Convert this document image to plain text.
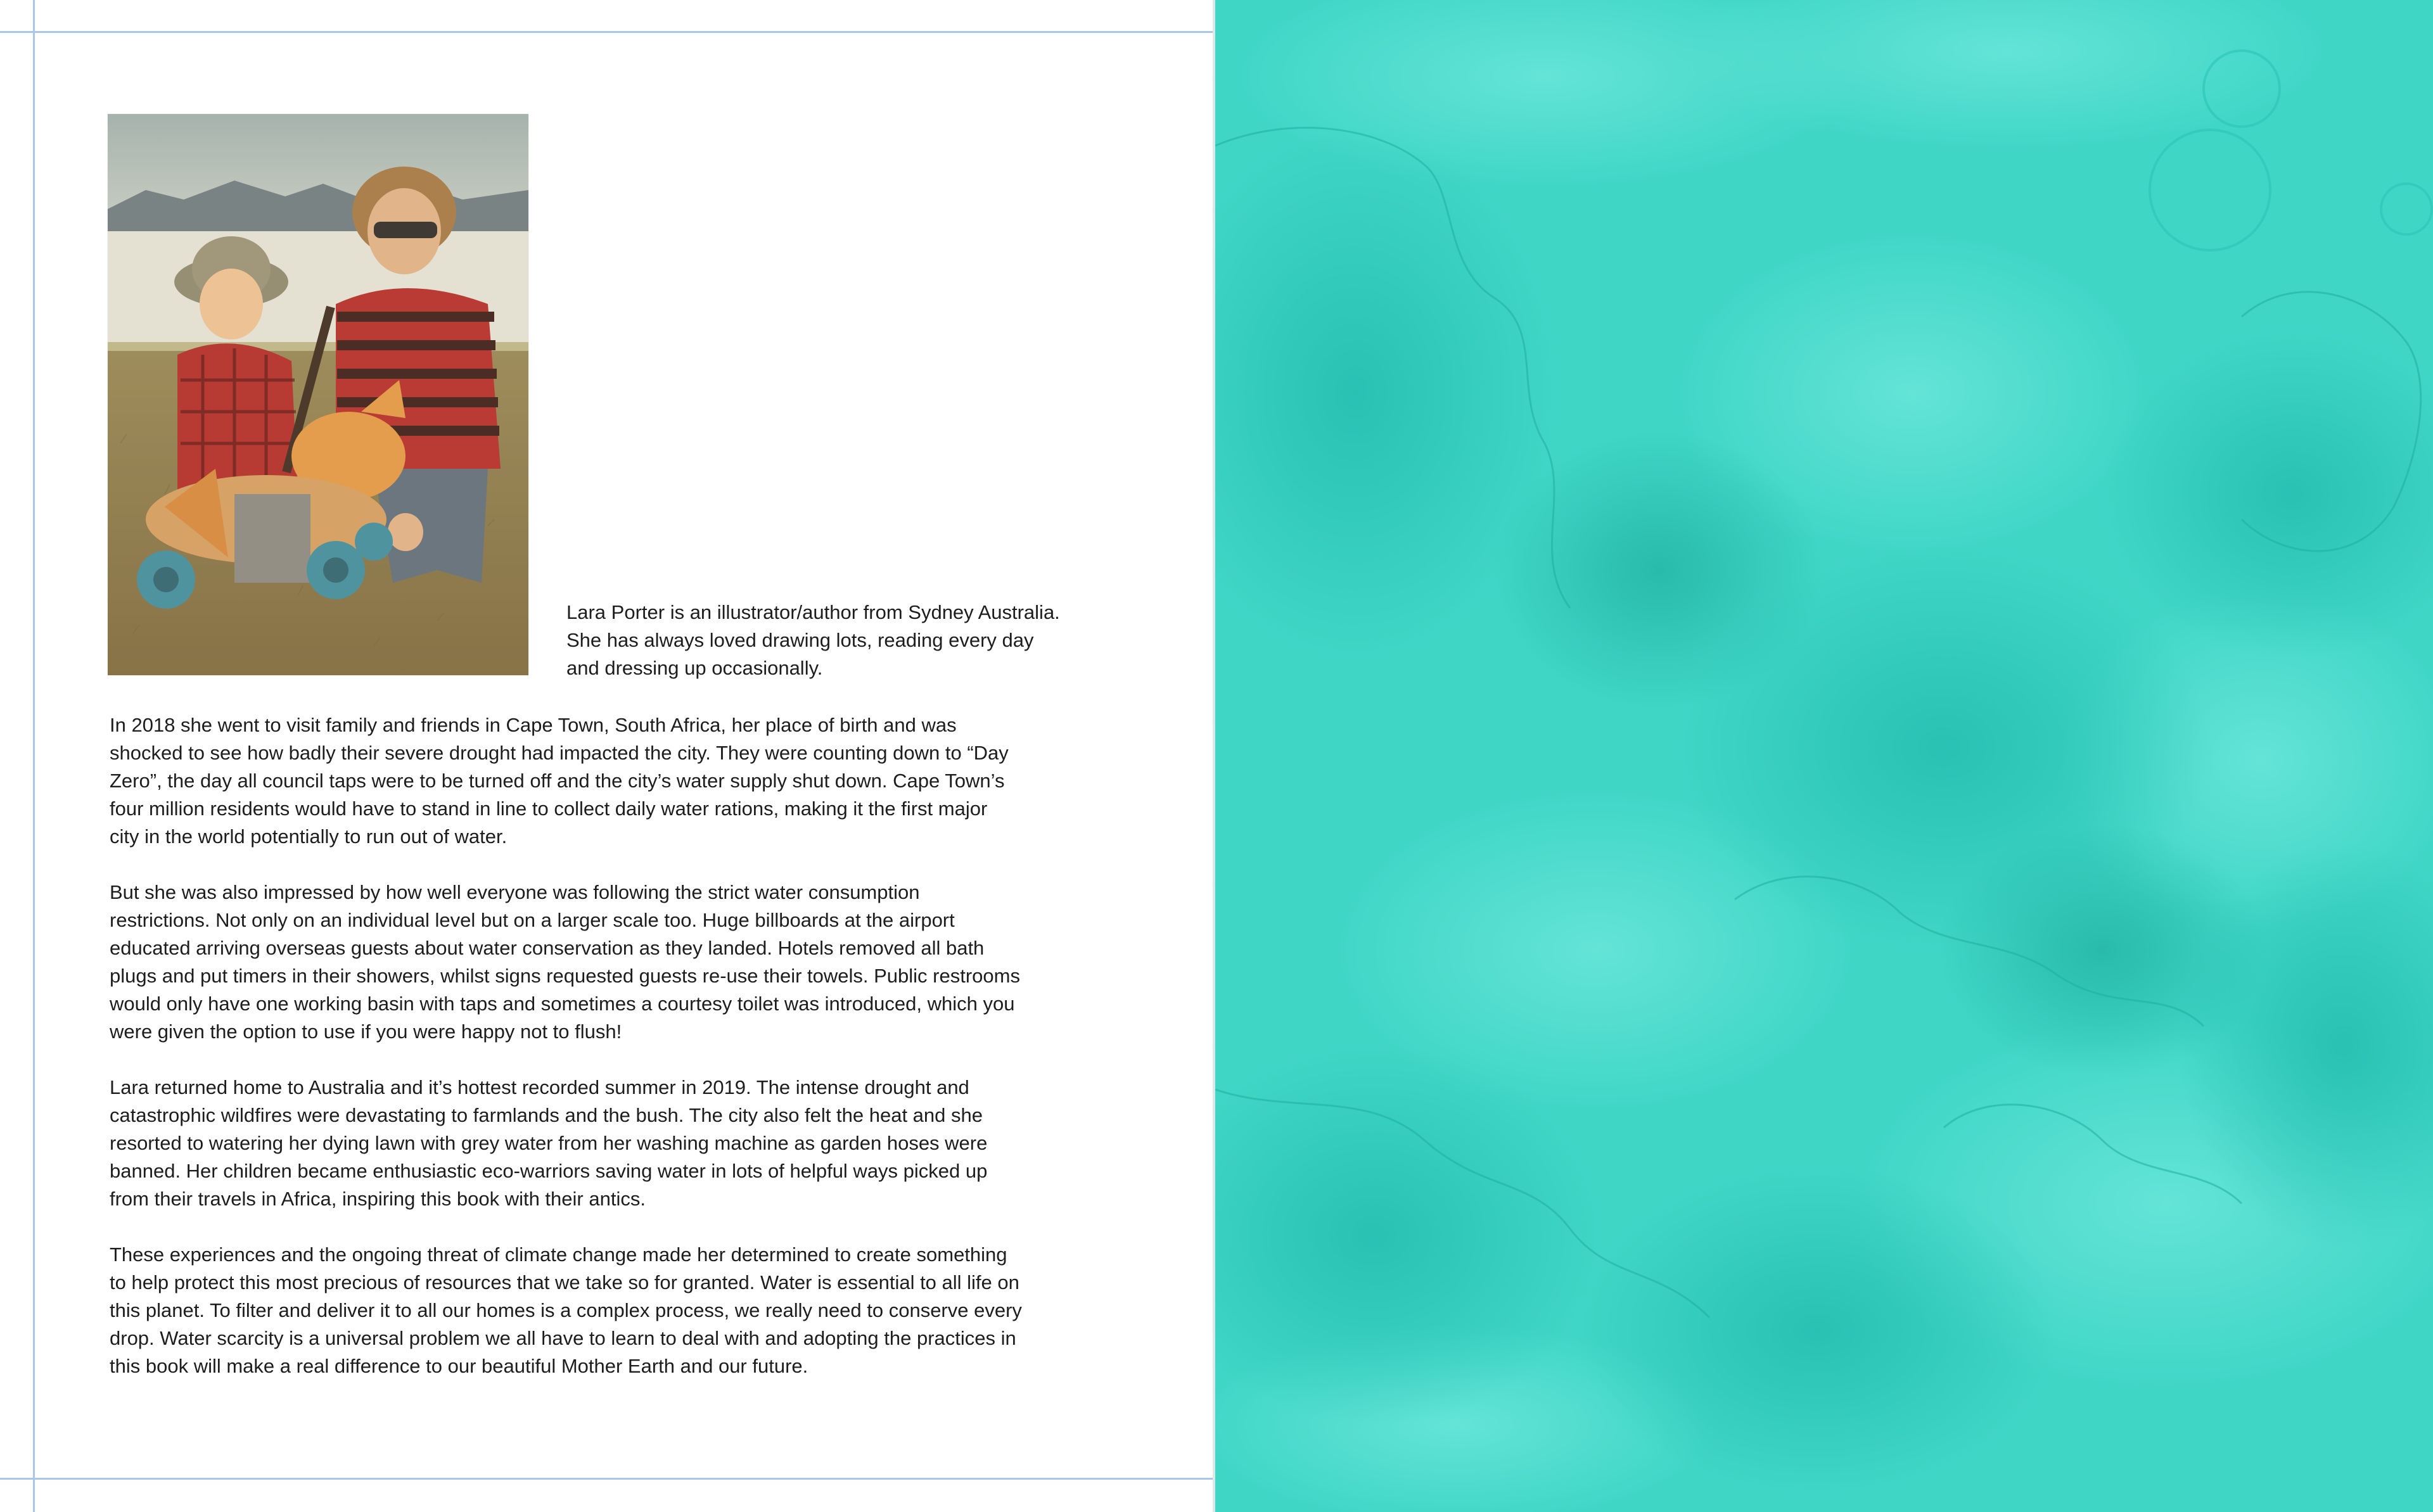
Lara Porter is an illustrator/author from Sydney Australia.
She has always loved drawing lots, reading every day
and dressing up occasionally.

In 2018 she went to visit family and friends in Cape Town, South Africa, her place of birth and was
shocked to see how badly their severe drought had impacted the city. They were counting down to “Day
Zero”, the day all council taps were to be turned off and the city’s water supply shut down. Cape Town’s
four million residents would have to stand in line to collect daily water rations, making it the first major
city in the world potentially to run out of water.

But she was also impressed by how well everyone was following the strict water consumption
restrictions. Not only on an individual level but on a larger scale too. Huge billboards at the airport
educated arriving overseas guests about water conservation as they landed. Hotels removed all bath
plugs and put timers in their showers, whilst signs requested guests re-use their towels. Public restrooms
would only have one working basin with taps and sometimes a courtesy toilet was introduced, which you
were given the option to use if you were happy not to flush!

Lara returned home to Australia and it’s hottest recorded summer in 2019. The intense drought and
catastrophic wildfires were devastating to farmlands and the bush. The city also felt the heat and she
resorted to watering her dying lawn with grey water from her washing machine as garden hoses were
banned. Her children became enthusiastic eco-warriors saving water in lots of helpful ways picked up
from their travels in Africa, inspiring this book with their antics.

These experiences and the ongoing threat of climate change made her determined to create something
to help protect this most precious of resources that we take so for granted. Water is essential to all life on
this planet. To filter and deliver it to all our homes is a complex process, we really need to conserve every
drop. Water scarcity is a universal problem we all have to learn to deal with and adopting the practices in
this book will make a real difference to our beautiful Mother Earth and our future.
